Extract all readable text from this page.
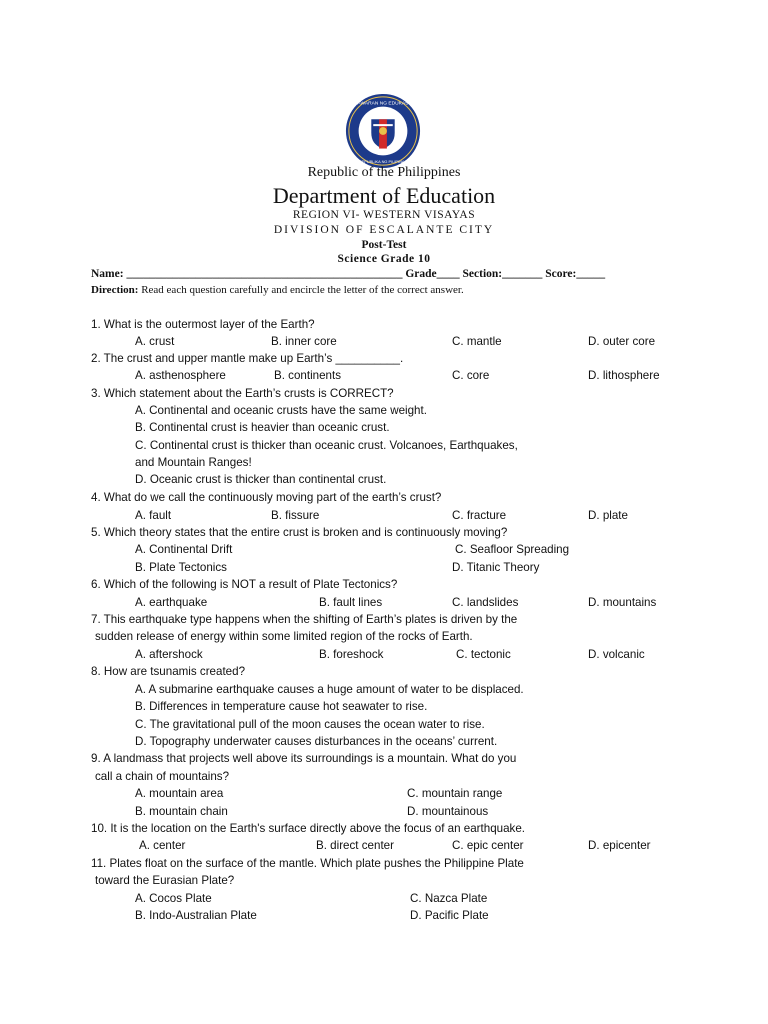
KAGAWARAN NG EDUKASYON
REPUBLIKA NG PILIPINAS
Republic of the Philippines
Department of Education
REGION VI- WESTERN VISAYAS
DIVISION OF ESCALANTE CITY
Post-Test
Science Grade 10
Name: ________________________________________________ Grade____ Section:_______ Score:_____
Direction: Read each question carefully and encircle the letter of the correct answer.
1. What is the outermost layer of the Earth?
A. crust	B. inner core	C. mantle	D. outer core
2. The crust and upper mantle make up Earth’s __________.
A. asthenosphere	B. continents	C. core	D. lithosphere
3. Which statement about the Earth’s crusts is CORRECT?
A. Continental and oceanic crusts have the same weight.
B. Continental crust is heavier than oceanic crust.
C. Continental crust is thicker than oceanic crust. Volcanoes, Earthquakes,
and Mountain Ranges!
D. Oceanic crust is thicker than continental crust.
4. What do we call the continuously moving part of the earth’s crust?
A. fault	B. fissure	C. fracture	D. plate
5. Which theory states that the entire crust is broken and is continuously moving?
A. Continental Drift	C. Seafloor Spreading
B. Plate Tectonics	D. Titanic Theory
6. Which of the following is NOT a result of Plate Tectonics?
A. earthquake	B. fault lines	C. landslides	D. mountains
7. This earthquake type happens when the shifting of Earth’s plates is driven by the
sudden release of energy within some limited region of the rocks of Earth.
A. aftershock	B. foreshock	C. tectonic	D. volcanic
8. How are tsunamis created?
A. A submarine earthquake causes a huge amount of water to be displaced.
B. Differences in temperature cause hot seawater to rise.
C. The gravitational pull of the moon causes the ocean water to rise.
D. Topography underwater causes disturbances in the oceans’ current.
9. A landmass that projects well above its surroundings is a mountain. What do you
call a chain of mountains?
A. mountain area	C. mountain range
B. mountain chain	D. mountainous
10. It is the location on the Earth's surface directly above the focus of an earthquake.
A. center	B. direct center	C. epic center	D. epicenter
11. Plates float on the surface of the mantle. Which plate pushes the Philippine Plate
toward the Eurasian Plate?
A. Cocos Plate	C. Nazca Plate
B. Indo-Australian Plate	D. Pacific Plate
